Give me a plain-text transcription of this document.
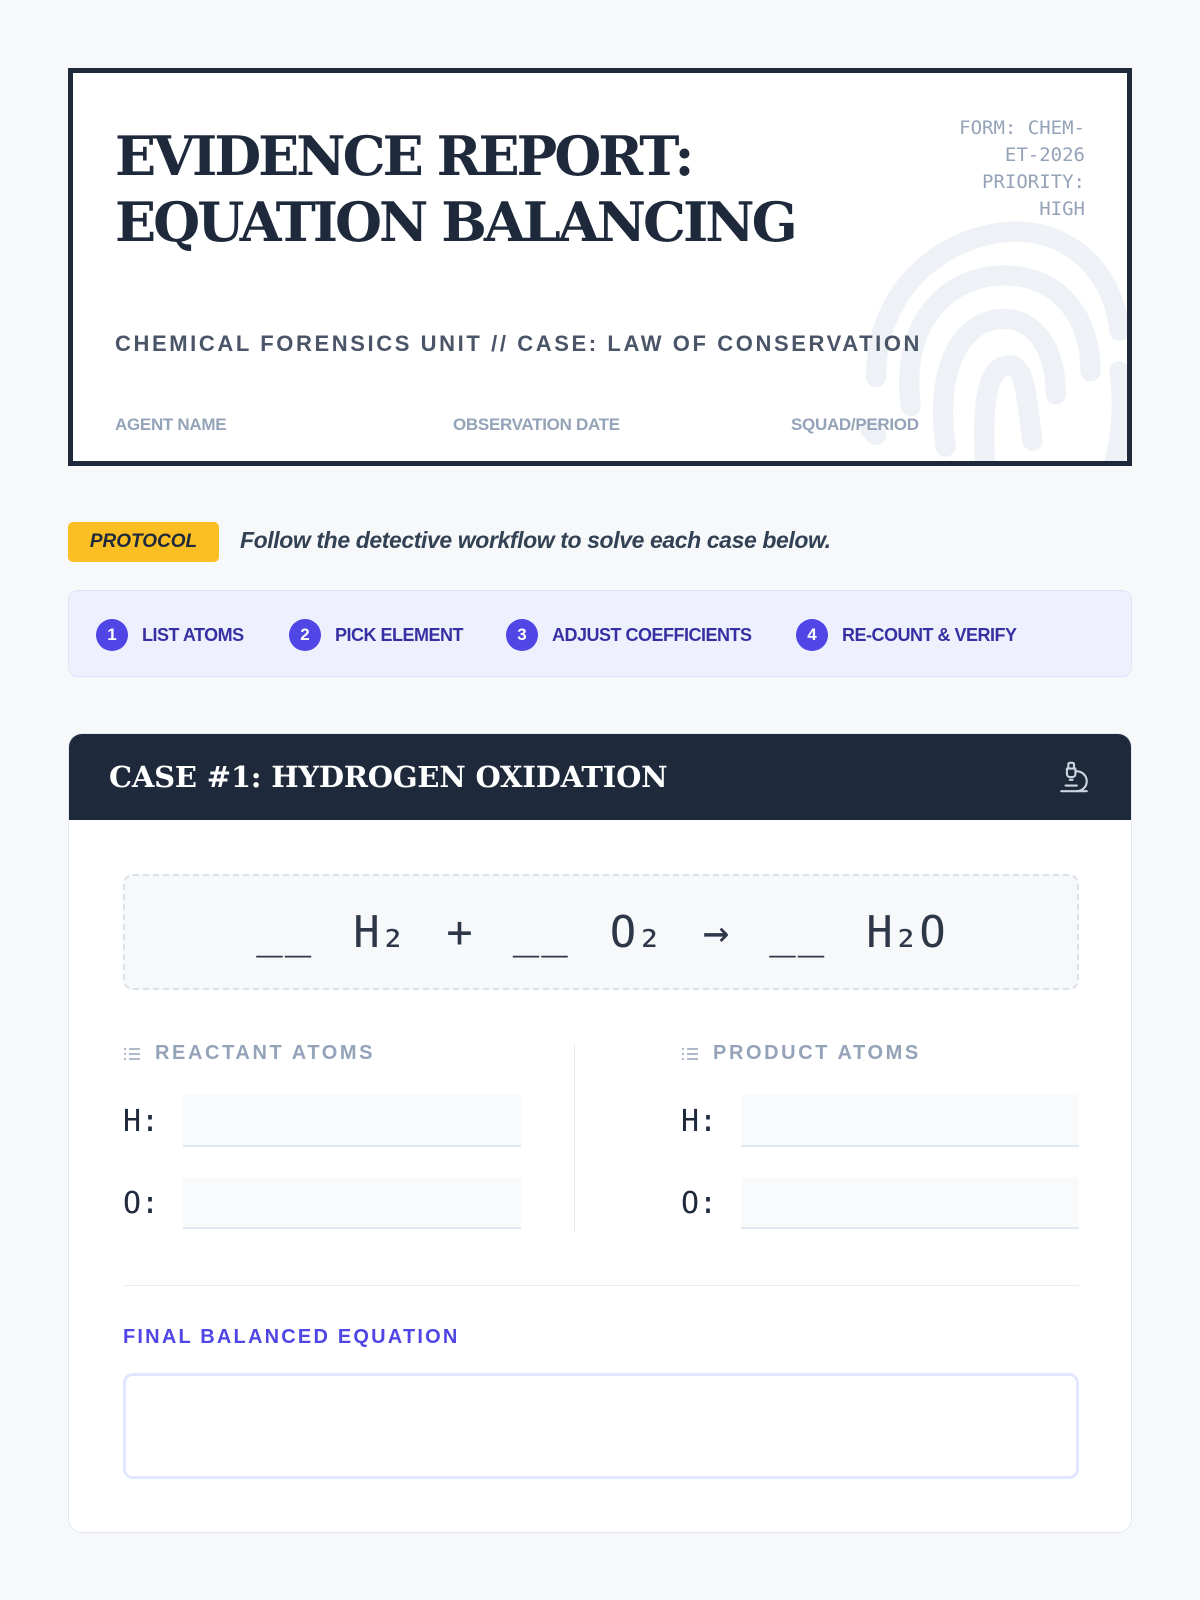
FORM: CHEM-
ET-2026
PRIORITY:
HIGH
EVIDENCE REPORT:
EQUATION BALANCING
CHEMICAL FORENSICS UNIT // CASE: LAW OF CONSERVATION
AGENT NAME	OBSERVATION DATE	SQUAD/PERIOD
PROTOCOL	Follow the detective workflow to solve each case below.
1	LIST ATOMS	2	PICK ELEMENT	3	ADJUST COEFFICIENTS	4	RE-COUNT & VERIFY
CASE #1: HYDROGEN OXIDATION
__ H₂ + __ O₂ → __ H₂O
REACTANT ATOMS
H:
O:
PRODUCT ATOMS
H:
O:
FINAL BALANCED EQUATION
